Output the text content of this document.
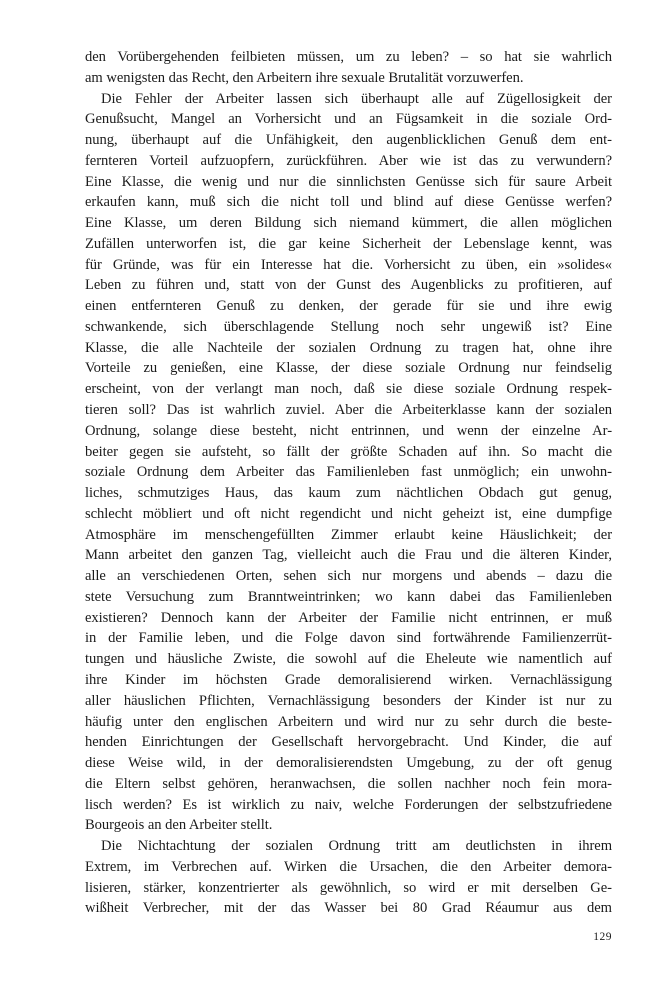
den Vorübergehenden feilbieten müssen, um zu leben? – so hat sie wahrlich
am wenigsten das Recht, den Arbeitern ihre sexuale Brutalität vorzuwerfen.
Die Fehler der Arbeiter lassen sich überhaupt alle auf Zügellosigkeit der
Genußsucht, Mangel an Vorhersicht und an Fügsamkeit in die soziale Ord-
nung, überhaupt auf die Unfähigkeit, den augenblicklichen Genuß dem ent-
fernteren Vorteil aufzuopfern, zurückführen. Aber wie ist das zu verwundern?
Eine Klasse, die wenig und nur die sinnlichsten Genüsse sich für saure Arbeit
erkaufen kann, muß sich die nicht toll und blind auf diese Genüsse werfen?
Eine Klasse, um deren Bildung sich niemand kümmert, die allen möglichen
Zufällen unterworfen ist, die gar keine Sicherheit der Lebenslage kennt, was
für Gründe, was für ein Interesse hat die. Vorhersicht zu üben, ein »solides«
Leben zu führen und, statt von der Gunst des Augenblicks zu profitieren, auf
einen entfernteren Genuß zu denken, der gerade für sie und ihre ewig
schwankende, sich überschlagende Stellung noch sehr ungewiß ist? Eine
Klasse, die alle Nachteile der sozialen Ordnung zu tragen hat, ohne ihre
Vorteile zu genießen, eine Klasse, der diese soziale Ordnung nur feindselig
erscheint, von der verlangt man noch, daß sie diese soziale Ordnung respek-
tieren soll? Das ist wahrlich zuviel. Aber die Arbeiterklasse kann der sozialen
Ordnung, solange diese besteht, nicht entrinnen, und wenn der einzelne Ar-
beiter gegen sie aufsteht, so fällt der größte Schaden auf ihn. So macht die
soziale Ordnung dem Arbeiter das Familienleben fast unmöglich; ein unwohn-
liches, schmutziges Haus, das kaum zum nächtlichen Obdach gut genug,
schlecht möbliert und oft nicht regendicht und nicht geheizt ist, eine dumpfige
Atmosphäre im menschengefüllten Zimmer erlaubt keine Häuslichkeit; der
Mann arbeitet den ganzen Tag, vielleicht auch die Frau und die älteren Kinder,
alle an verschiedenen Orten, sehen sich nur morgens und abends – dazu die
stete Versuchung zum Branntweintrinken; wo kann dabei das Familienleben
existieren? Dennoch kann der Arbeiter der Familie nicht entrinnen, er muß
in der Familie leben, und die Folge davon sind fortwährende Familienzerrüt-
tungen und häusliche Zwiste, die sowohl auf die Eheleute wie namentlich auf
ihre Kinder im höchsten Grade demoralisierend wirken. Vernachlässigung
aller häuslichen Pflichten, Vernachlässigung besonders der Kinder ist nur zu
häufig unter den englischen Arbeitern und wird nur zu sehr durch die beste-
henden Einrichtungen der Gesellschaft hervorgebracht. Und Kinder, die auf
diese Weise wild, in der demoralisierendsten Umgebung, zu der oft genug
die Eltern selbst gehören, heranwachsen, die sollen nachher noch fein mora-
lisch werden? Es ist wirklich zu naiv, welche Forderungen der selbstzufriedene
Bourgeois an den Arbeiter stellt.
Die Nichtachtung der sozialen Ordnung tritt am deutlichsten in ihrem
Extrem, im Verbrechen auf. Wirken die Ursachen, die den Arbeiter demora-
lisieren, stärker, konzentrierter als gewöhnlich, so wird er mit derselben Ge-
wißheit Verbrecher, mit der das Wasser bei 80 Grad Réaumur aus dem
129
